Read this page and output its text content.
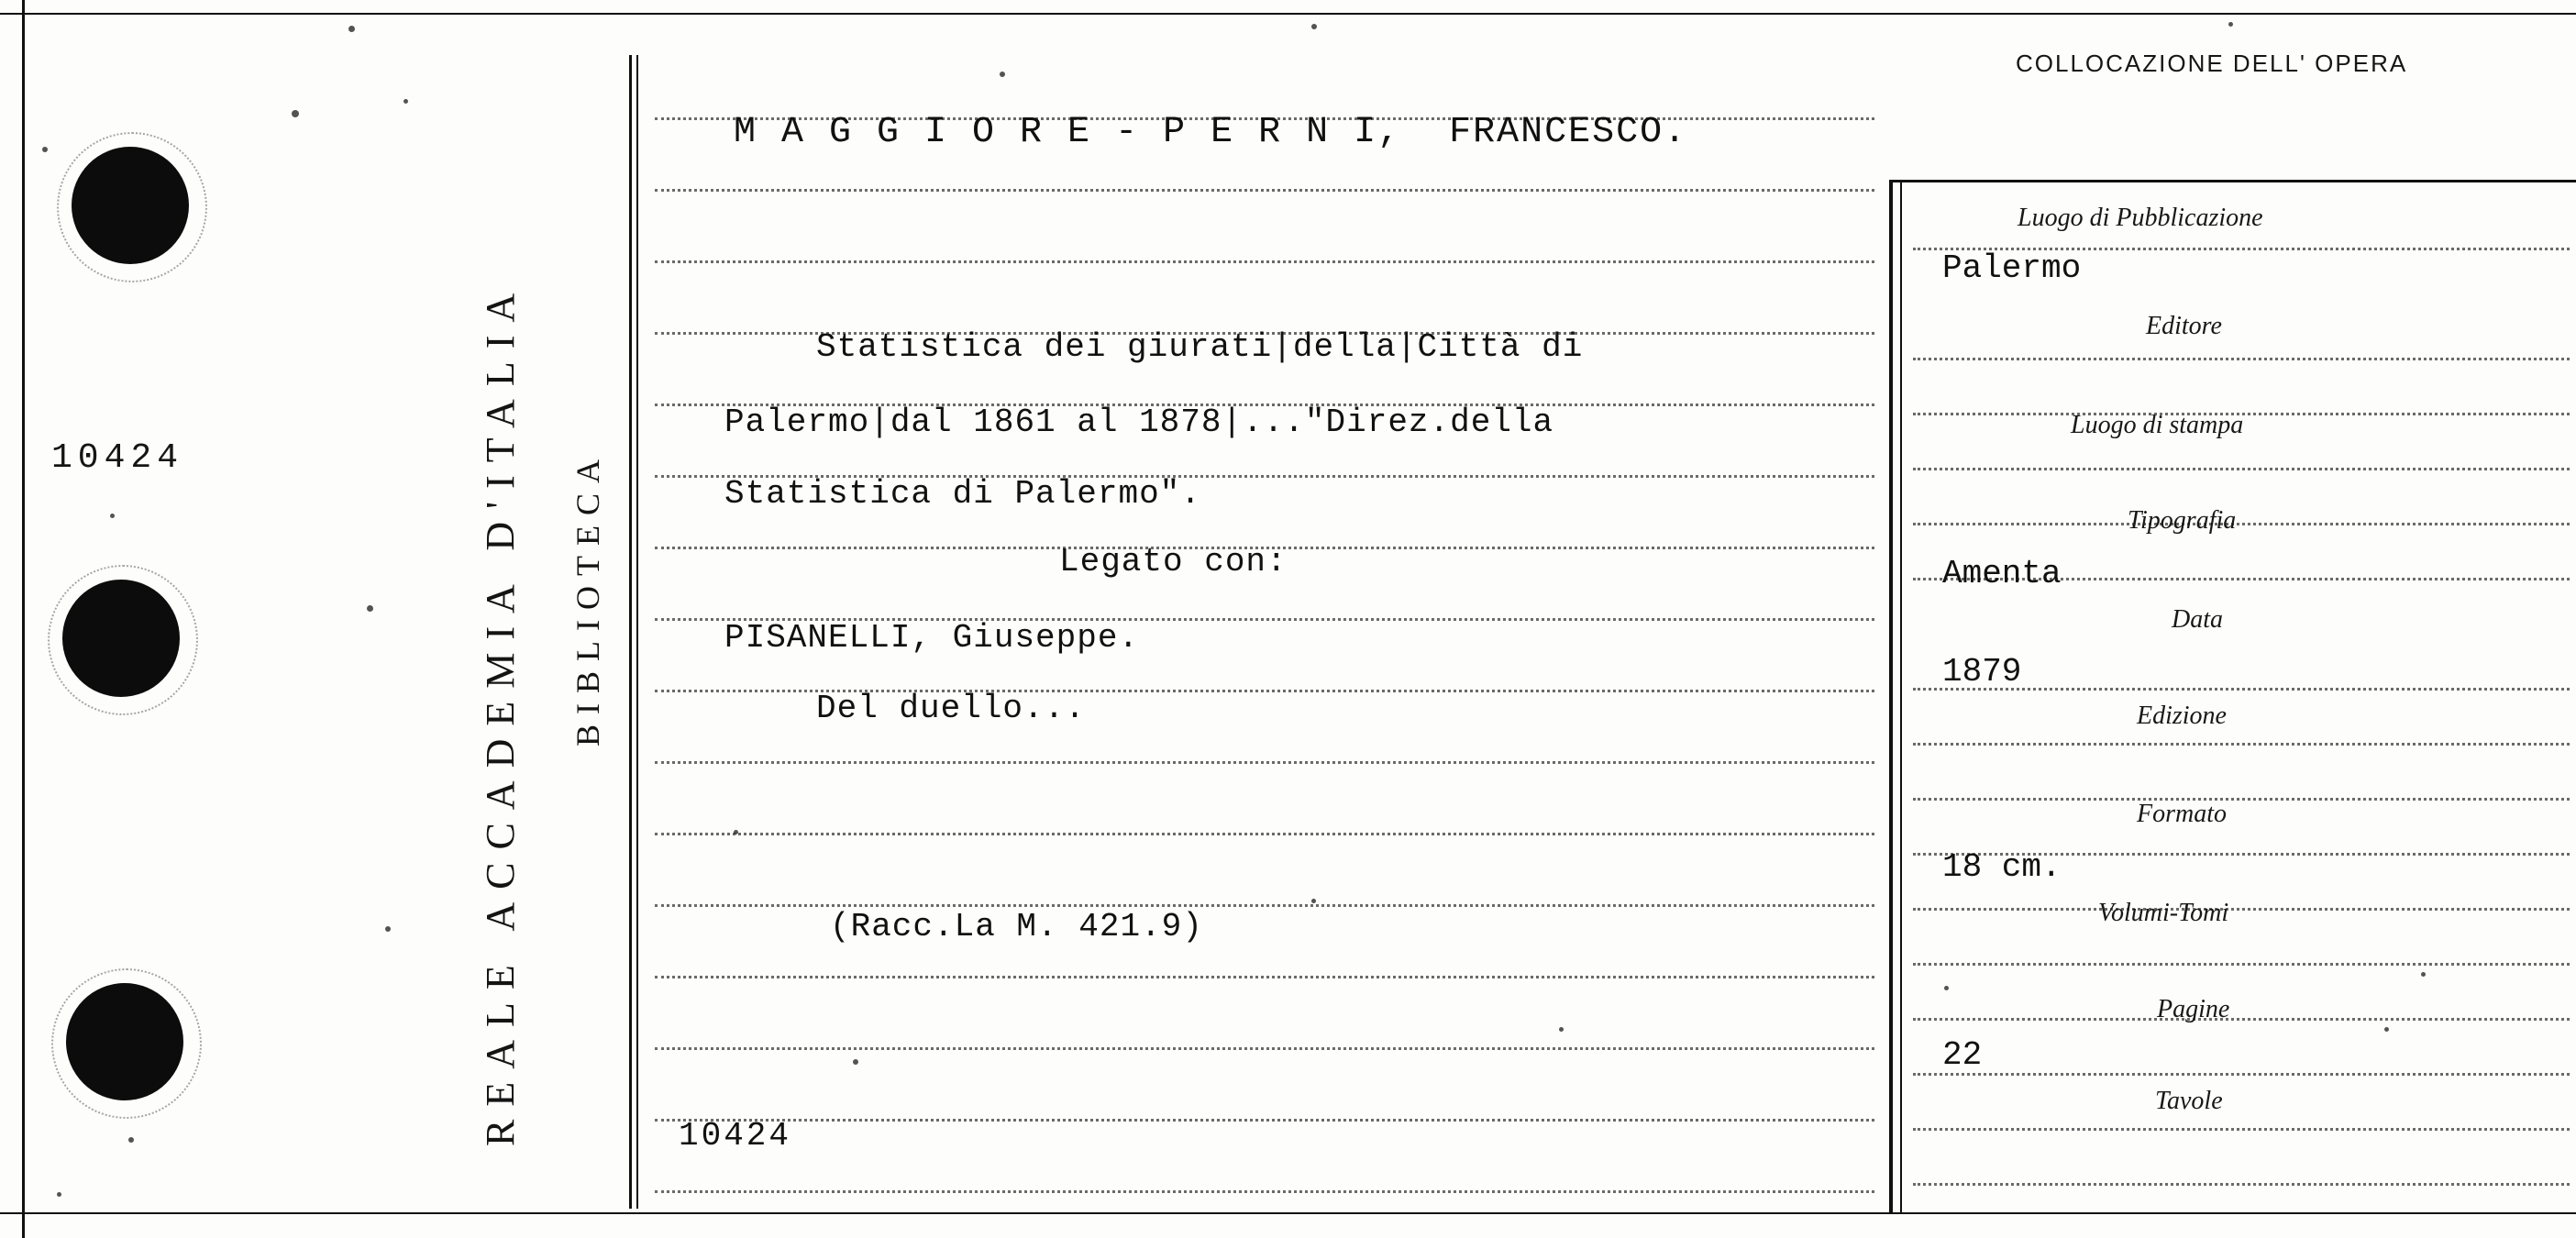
10424	REALE ACCADEMIA D'ITALIA BIBLIOTECA
COLLOCAZIONE DELL' OPERA
M A G G I O R E - P E R N I,  FRANCESCO.
Statistica dei giurati|della|Città di
Palermo|dal 1861 al 1878|..."Direz.della
Statistica di Palermo".
Legato con:
PISANELLI, Giuseppe.
Del duello...
(Racc.La M. 421.9)
10424
Luogo di Pubblicazione
Editore
Luogo di stampa
Tipografia
Data
Edizione
Formato
Volumi-Tomi
Pagine
Tavole
Palermo
Amenta
1879
18 cm.
22
